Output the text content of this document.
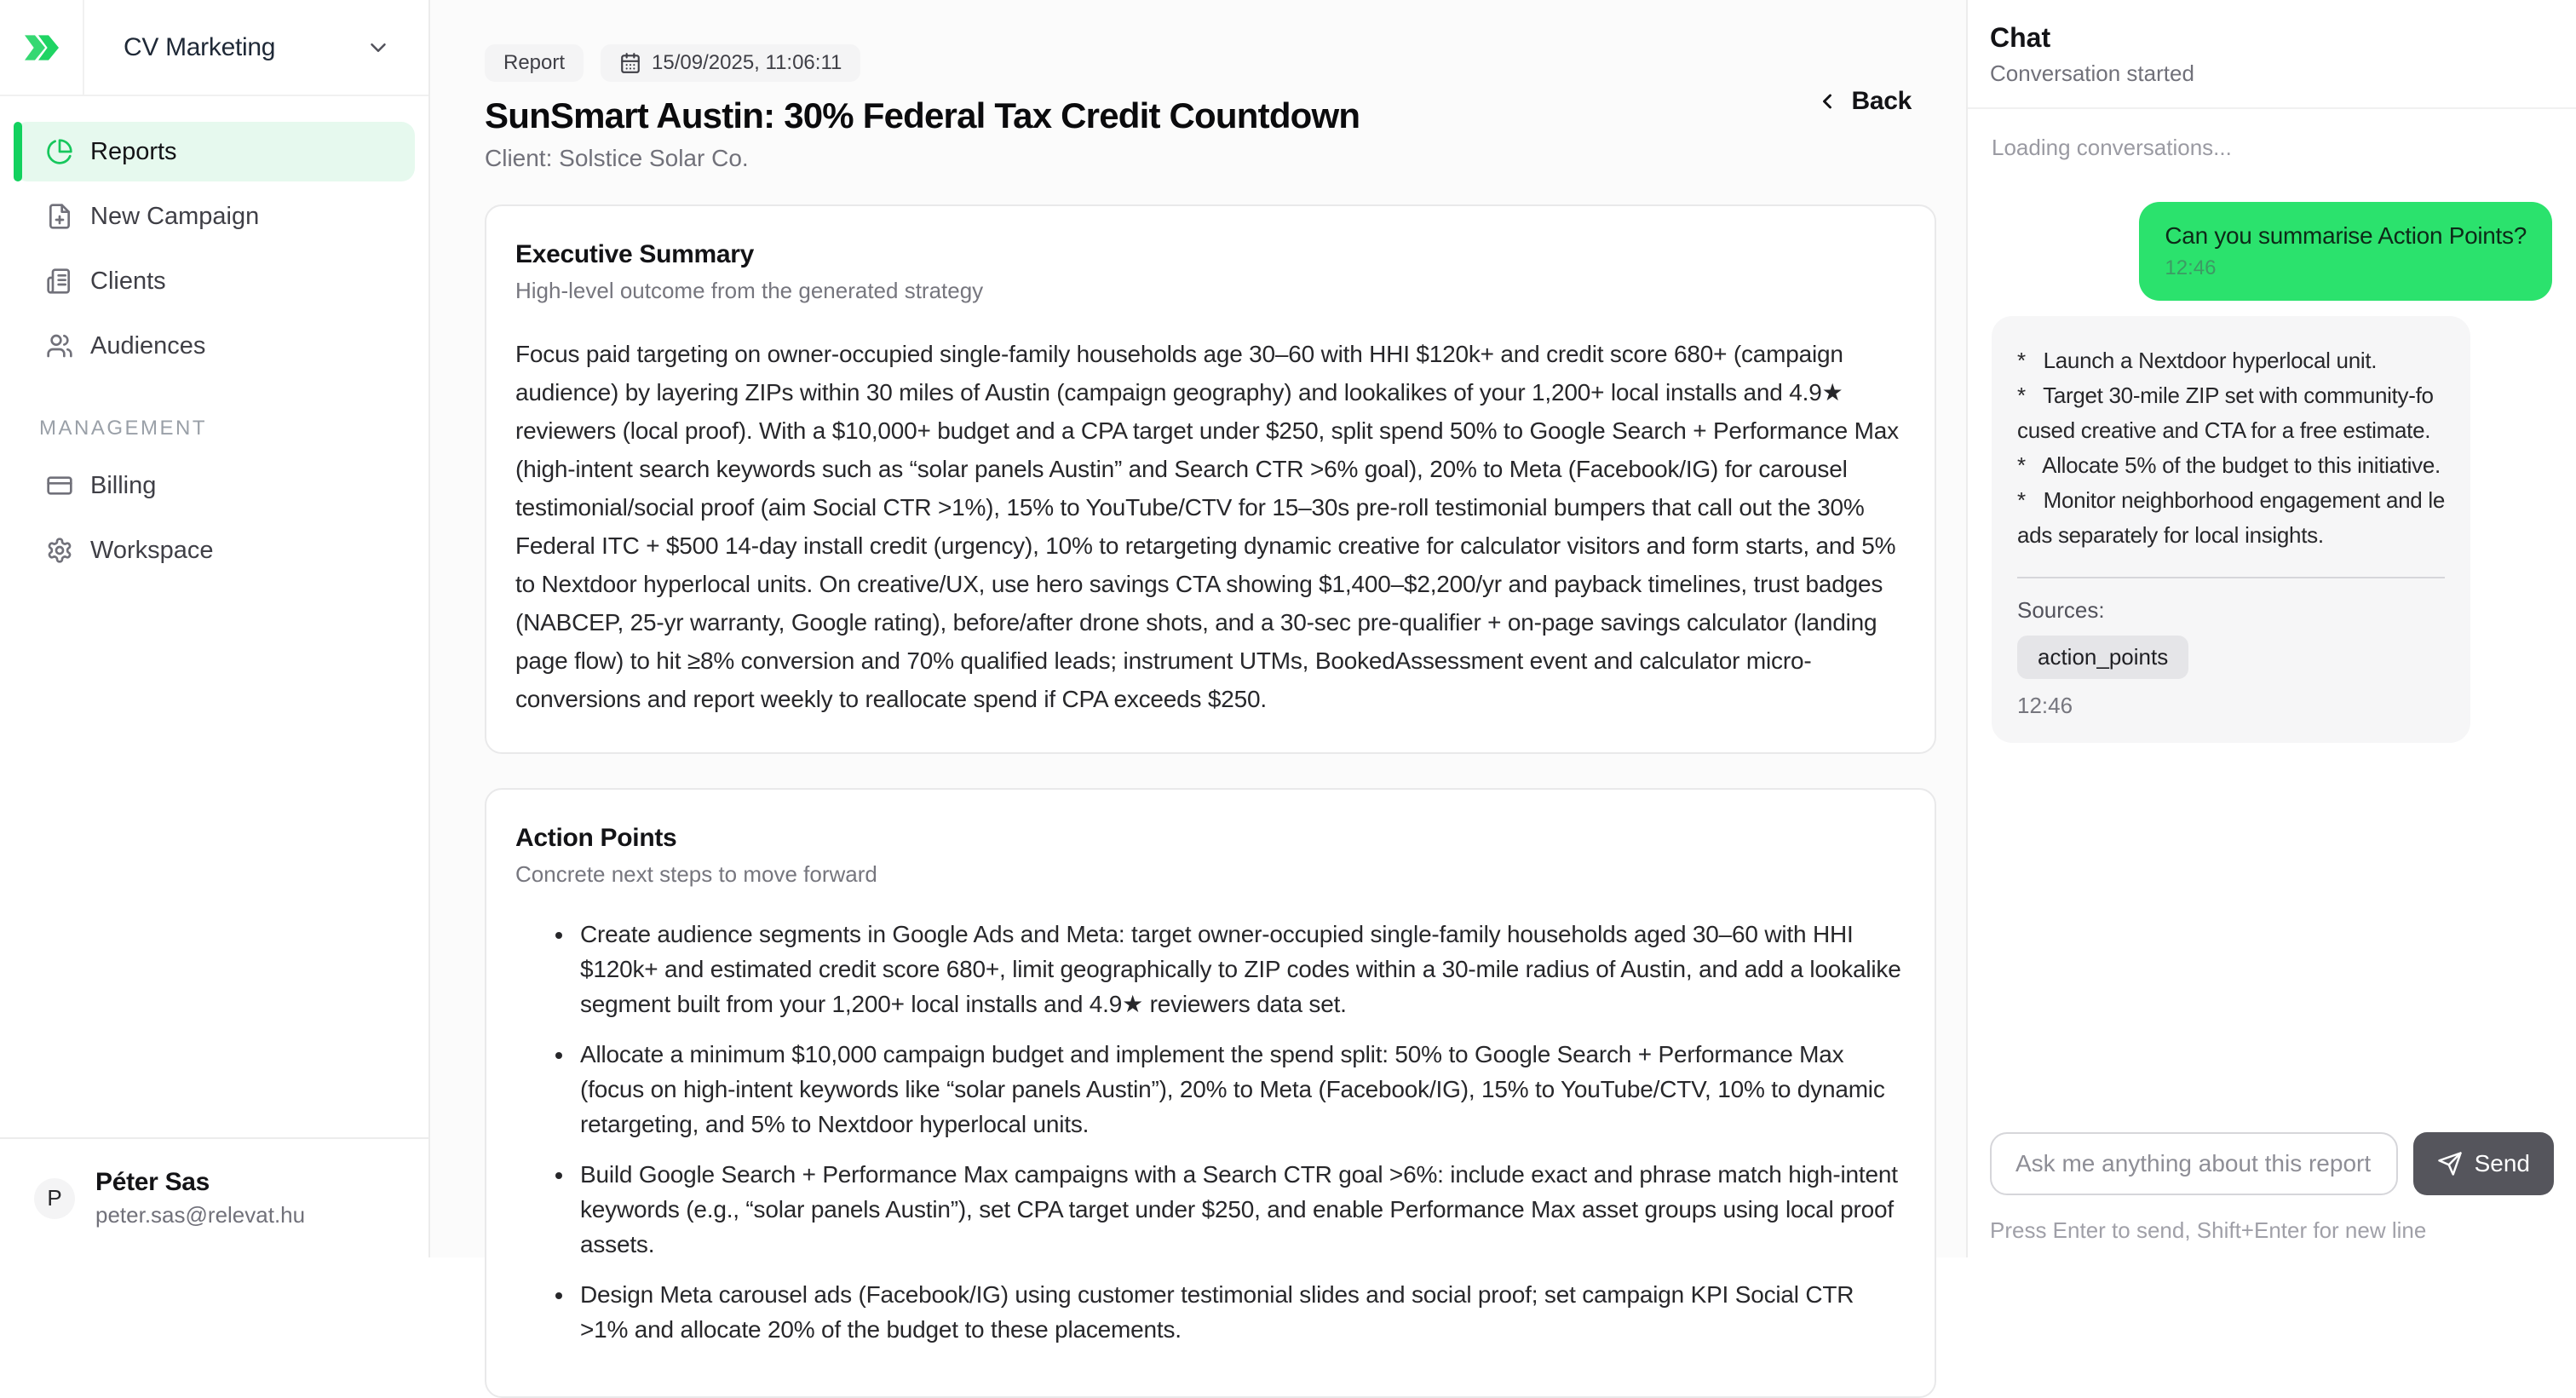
CV Marketing
Reports
New Campaign
Clients
Audiences
MANAGEMENT
Billing
Workspace
P
Péter Sas
peter.sas@relevat.hu
Report	15/09/2025, 11:06:11
Back
SunSmart Austin: 30% Federal Tax Credit Countdown
Client: Solstice Solar Co.
Executive Summary
High-level outcome from the generated strategy

Focus paid targeting on owner-occupied single-family households age 30–60 with HHI $120k+ and credit score 680+ (campaign audience) by layering ZIPs within 30 miles of Austin (campaign geography) and lookalikes of your 1,200+ local installs and 4.9★ reviewers (local proof). With a $10,000+ budget and a CPA target under $250, split spend 50% to Google Search + Performance Max (high-intent search keywords such as “solar panels Austin” and Search CTR >6% goal), 20% to Meta (Facebook/IG) for carousel testimonial/social proof (aim Social CTR >1%), 15% to YouTube/CTV for 15–30s pre-roll testimonial bumpers that call out the 30% Federal ITC + $500 14-day install credit (urgency), 10% to retargeting dynamic creative for calculator visitors and form starts, and 5% to Nextdoor hyperlocal units. On creative/UX, use hero savings CTA showing $1,400–$2,200/yr and payback timelines, trust badges (NABCEP, 25-yr warranty, Google rating), before/after drone shots, and a 30-sec pre-qualifier + on-page savings calculator (landing page flow) to hit ≥8% conversion and 70% qualified leads; instrument UTMs, BookedAssessment event and calculator micro-conversions and report weekly to reallocate spend if CPA exceeds $250.

Action Points
Concrete next steps to move forward
• Create audience segments in Google Ads and Meta: target owner-occupied single-family households aged 30–60 with HHI $120k+ and estimated credit score 680+, limit geographically to ZIP codes within a 30-mile radius of Austin, and add a lookalike segment built from your 1,200+ local installs and 4.9★ reviewers data set.
• Allocate a minimum $10,000 campaign budget and implement the spend split: 50% to Google Search + Performance Max (focus on high-intent keywords like “solar panels Austin”), 20% to Meta (Facebook/IG), 15% to YouTube/CTV, 10% to dynamic retargeting, and 5% to Nextdoor hyperlocal units.
• Build Google Search + Performance Max campaigns with a Search CTR goal >6%: include exact and phrase match high-intent keywords (e.g., “solar panels Austin”), set CPA target under $250, and enable Performance Max asset groups using local proof assets.
• Design Meta carousel ads (Facebook/IG) using customer testimonial slides and social proof; set campaign KPI Social CTR >1% and allocate 20% of the budget to these placements.
Chat
Conversation started
Loading conversations...
Can you summarise Action Points?
12:46
*   Launch a Nextdoor hyperlocal unit.
*   Target 30-mile ZIP set with community-fo
cused creative and CTA for a free estimate.
*   Allocate 5% of the budget to this initiative.
*   Monitor neighborhood engagement and le
ads separately for local insights.
Sources:
action_points
12:46
Ask me anything about this report...
Send
Press Enter to send, Shift+Enter for new line
